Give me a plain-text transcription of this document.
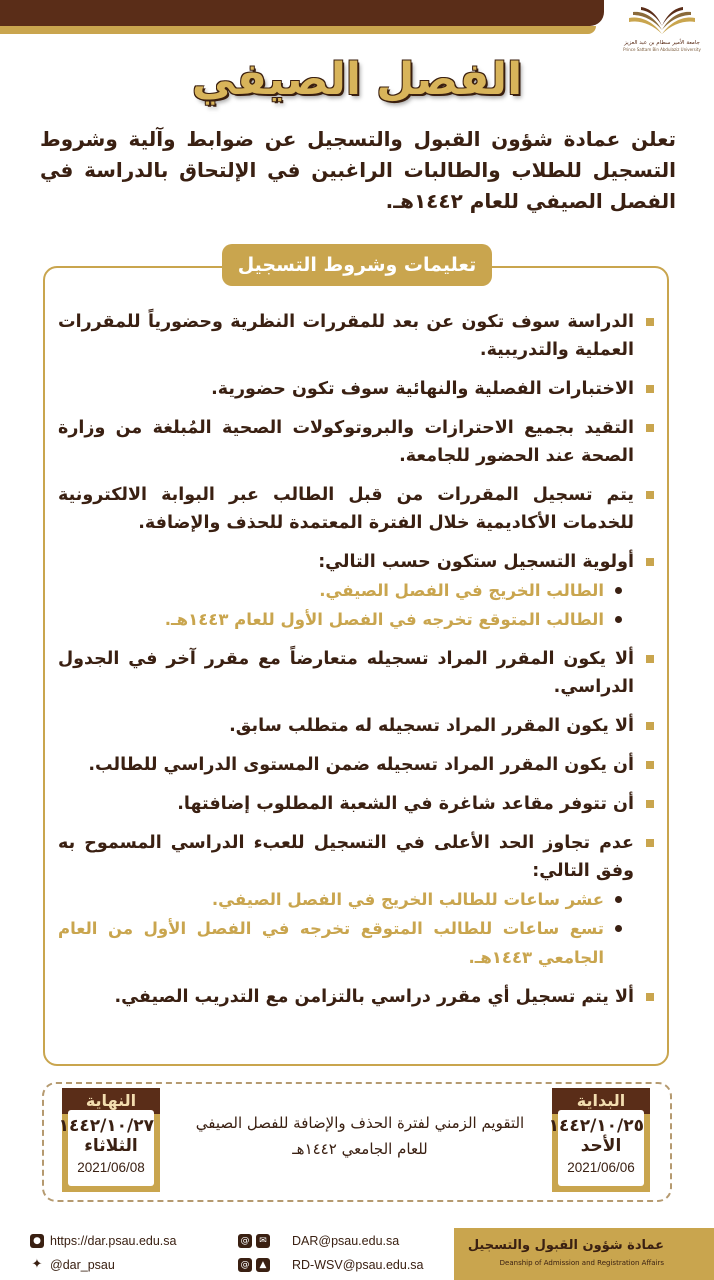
جامعة الأمير سطام بن عبد العزيز
Prince Sattam Bin Abdulaziz University
الفصل الصيفي
تعلن عمادة شؤون القبول والتسجيل عن ضوابط وآلية وشروط التسجيل للطلاب والطالبات الراغبين في الإلتحاق بالدراسة في الفصل الصيفي للعام ١٤٤٢هـ.
تعليمات وشروط التسجيل
الدراسة سوف تكون عن بعد للمقررات النظرية وحضورياً للمقررات العملية والتدريبية.
الاختبارات الفصلية والنهائية سوف تكون حضورية.
التقيد بجميع الاحترازات والبروتوكولات الصحية المُبلغة من وزارة الصحة عند الحضور للجامعة.
يتم تسجيل المقررات من قبل الطالب عبر البوابة الالكترونية للخدمات الأكاديمية خلال الفترة المعتمدة للحذف والإضافة.
أولوية التسجيل ستكون حسب التالي:
الطالب الخريج في الفصل الصيفي.
الطالب المتوقع تخرجه في الفصل الأول للعام ١٤٤٣هـ.
ألا يكون المقرر المراد تسجيله متعارضاً مع مقرر آخر في الجدول الدراسي.
ألا يكون المقرر المراد تسجيله له متطلب سابق.
أن يكون المقرر المراد تسجيله ضمن المستوى الدراسي للطالب.
أن تتوفر مقاعد شاغرة في الشعبة المطلوب إضافتها.
عدم تجاوز الحد الأعلى في التسجيل للعبء الدراسي المسموح به وفق التالي:
عشر ساعات للطالب الخريج في الفصل الصيفي.
تسع ساعات للطالب المتوقع تخرجه في الفصل الأول من العام الجامعي ١٤٤٣هـ.
ألا يتم تسجيل أي مقرر دراسي بالتزامن مع التدريب الصيفي.
البداية
١٤٤٢/١٠/٢٥
الأحد
2021/06/06
النهاية
١٤٤٢/١٠/٢٧
الثلاثاء
2021/06/08
التقويم الزمني لفترة الحذف والإضافة للفصل الصيفي للعام الجامعي ١٤٤٢هـ
● https://dar.psau.edu.sa
✦ @dar_psau
@	✉ DAR@psau.edu.sa
@	▲ RD-WSV@psau.edu.sa
عمادة شؤون القبول والتسجيل
Deanship of Admission and Registration Affairs
